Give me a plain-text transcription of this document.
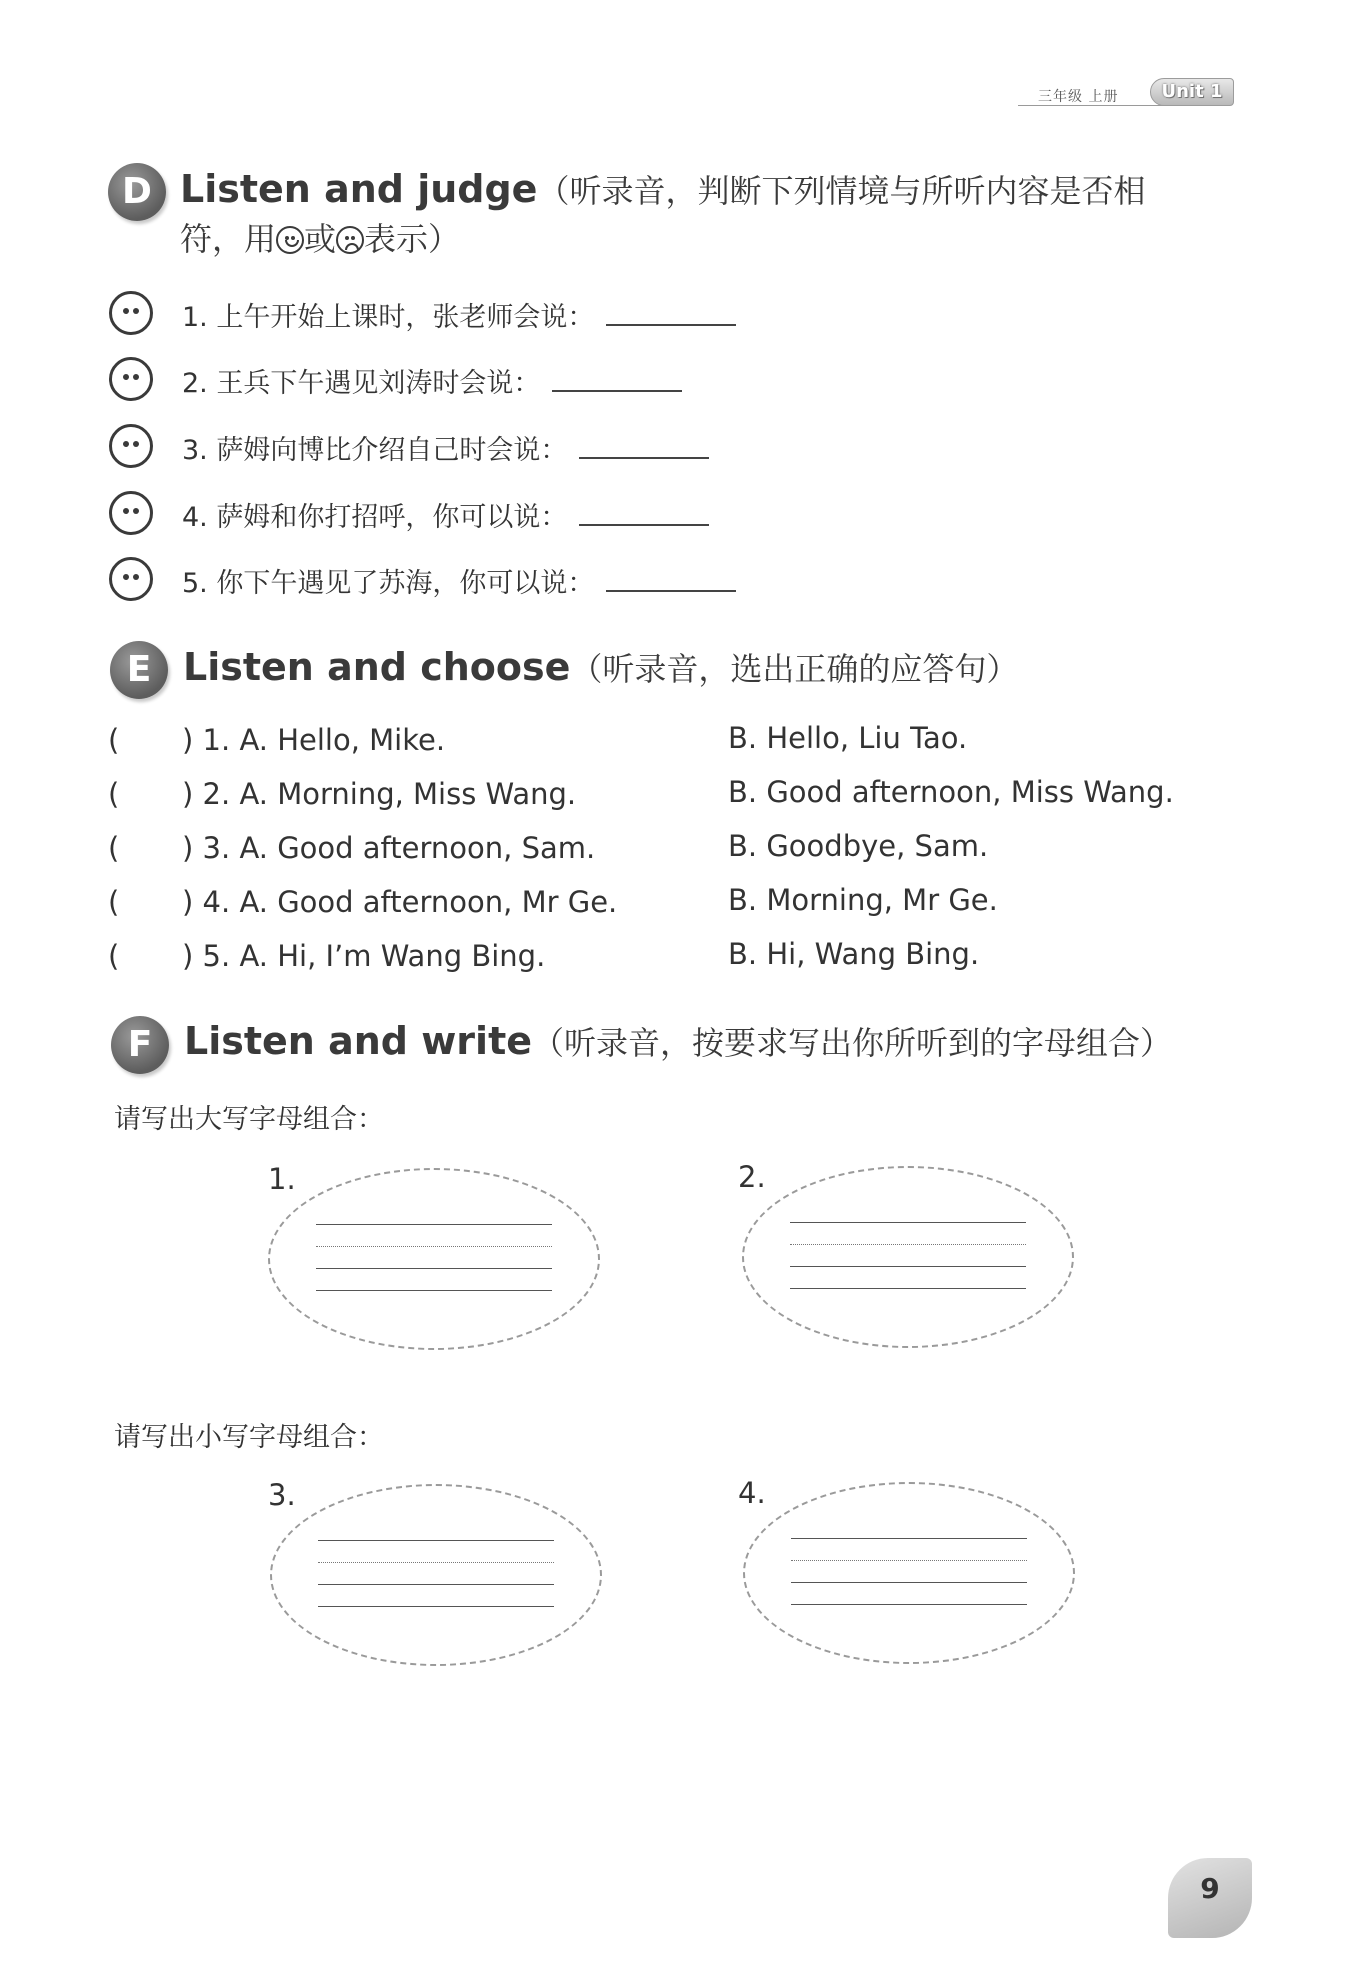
三年级 上册	Unit 1
D Listen and judge（听录音，判断下列情境与所听内容是否相
符，用 或 表示）
1. 上午开始上课时，张老师会说：
2. 王兵下午遇见刘涛时会说：
3. 萨姆向博比介绍自己时会说：
4. 萨姆和你打招呼，你可以说：
5. 你下午遇见了苏海，你可以说：
E Listen and choose（听录音，选出正确的应答句）
( ) 1. A. Hello, Mike.	B. Hello, Liu Tao.
( ) 2. A. Morning, Miss Wang.	B. Good afternoon, Miss Wang.
( ) 3. A. Good afternoon, Sam.	B. Goodbye, Sam.
( ) 4. A. Good afternoon, Mr Ge.	B. Morning, Mr Ge.
( ) 5. A. Hi, I’m Wang Bing.	B. Hi, Wang Bing.
F Listen and write（听录音，按要求写出你所听到的字母组合）
请写出大写字母组合：
1.	2.
请写出小写字母组合：
3.	4.
9
